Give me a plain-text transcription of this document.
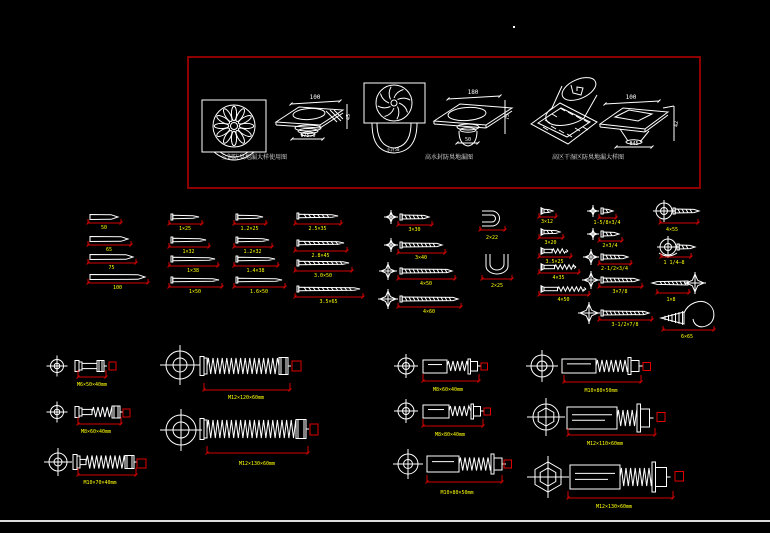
50
65
75
100
1×25
1×32
1×38
1×50
1.2×25
1.2×32
1.4×38
1.6×50
2.5×35
2.8×45
3.0×50
3.5×65
3×30
3×40
4×50
4×60
3×12
3×20
3.5×25
4×35
4×50
1-5/8×3/4
2×3/4
2-1/2×3/4
3×7/8
3-1/2×7/8
2×22
2×25
4×55
1 1/4—8
1×8
6×65
M6×50×40mm
M8×60×40mm
M10×70×40mm
M12×120×60mm
M12×130×60mm
M8×60×40mm
M8×80×40mm
M10×80×50mm
M10×80×50mm
M12×110×60mm
M12×130×60mm
100
45
Φ75.5
全铜防臭地漏大样使用图
水封50
180
75
50
高水封防臭地漏图
100
42
Φ45
高区干湿区防臭地漏大样图
